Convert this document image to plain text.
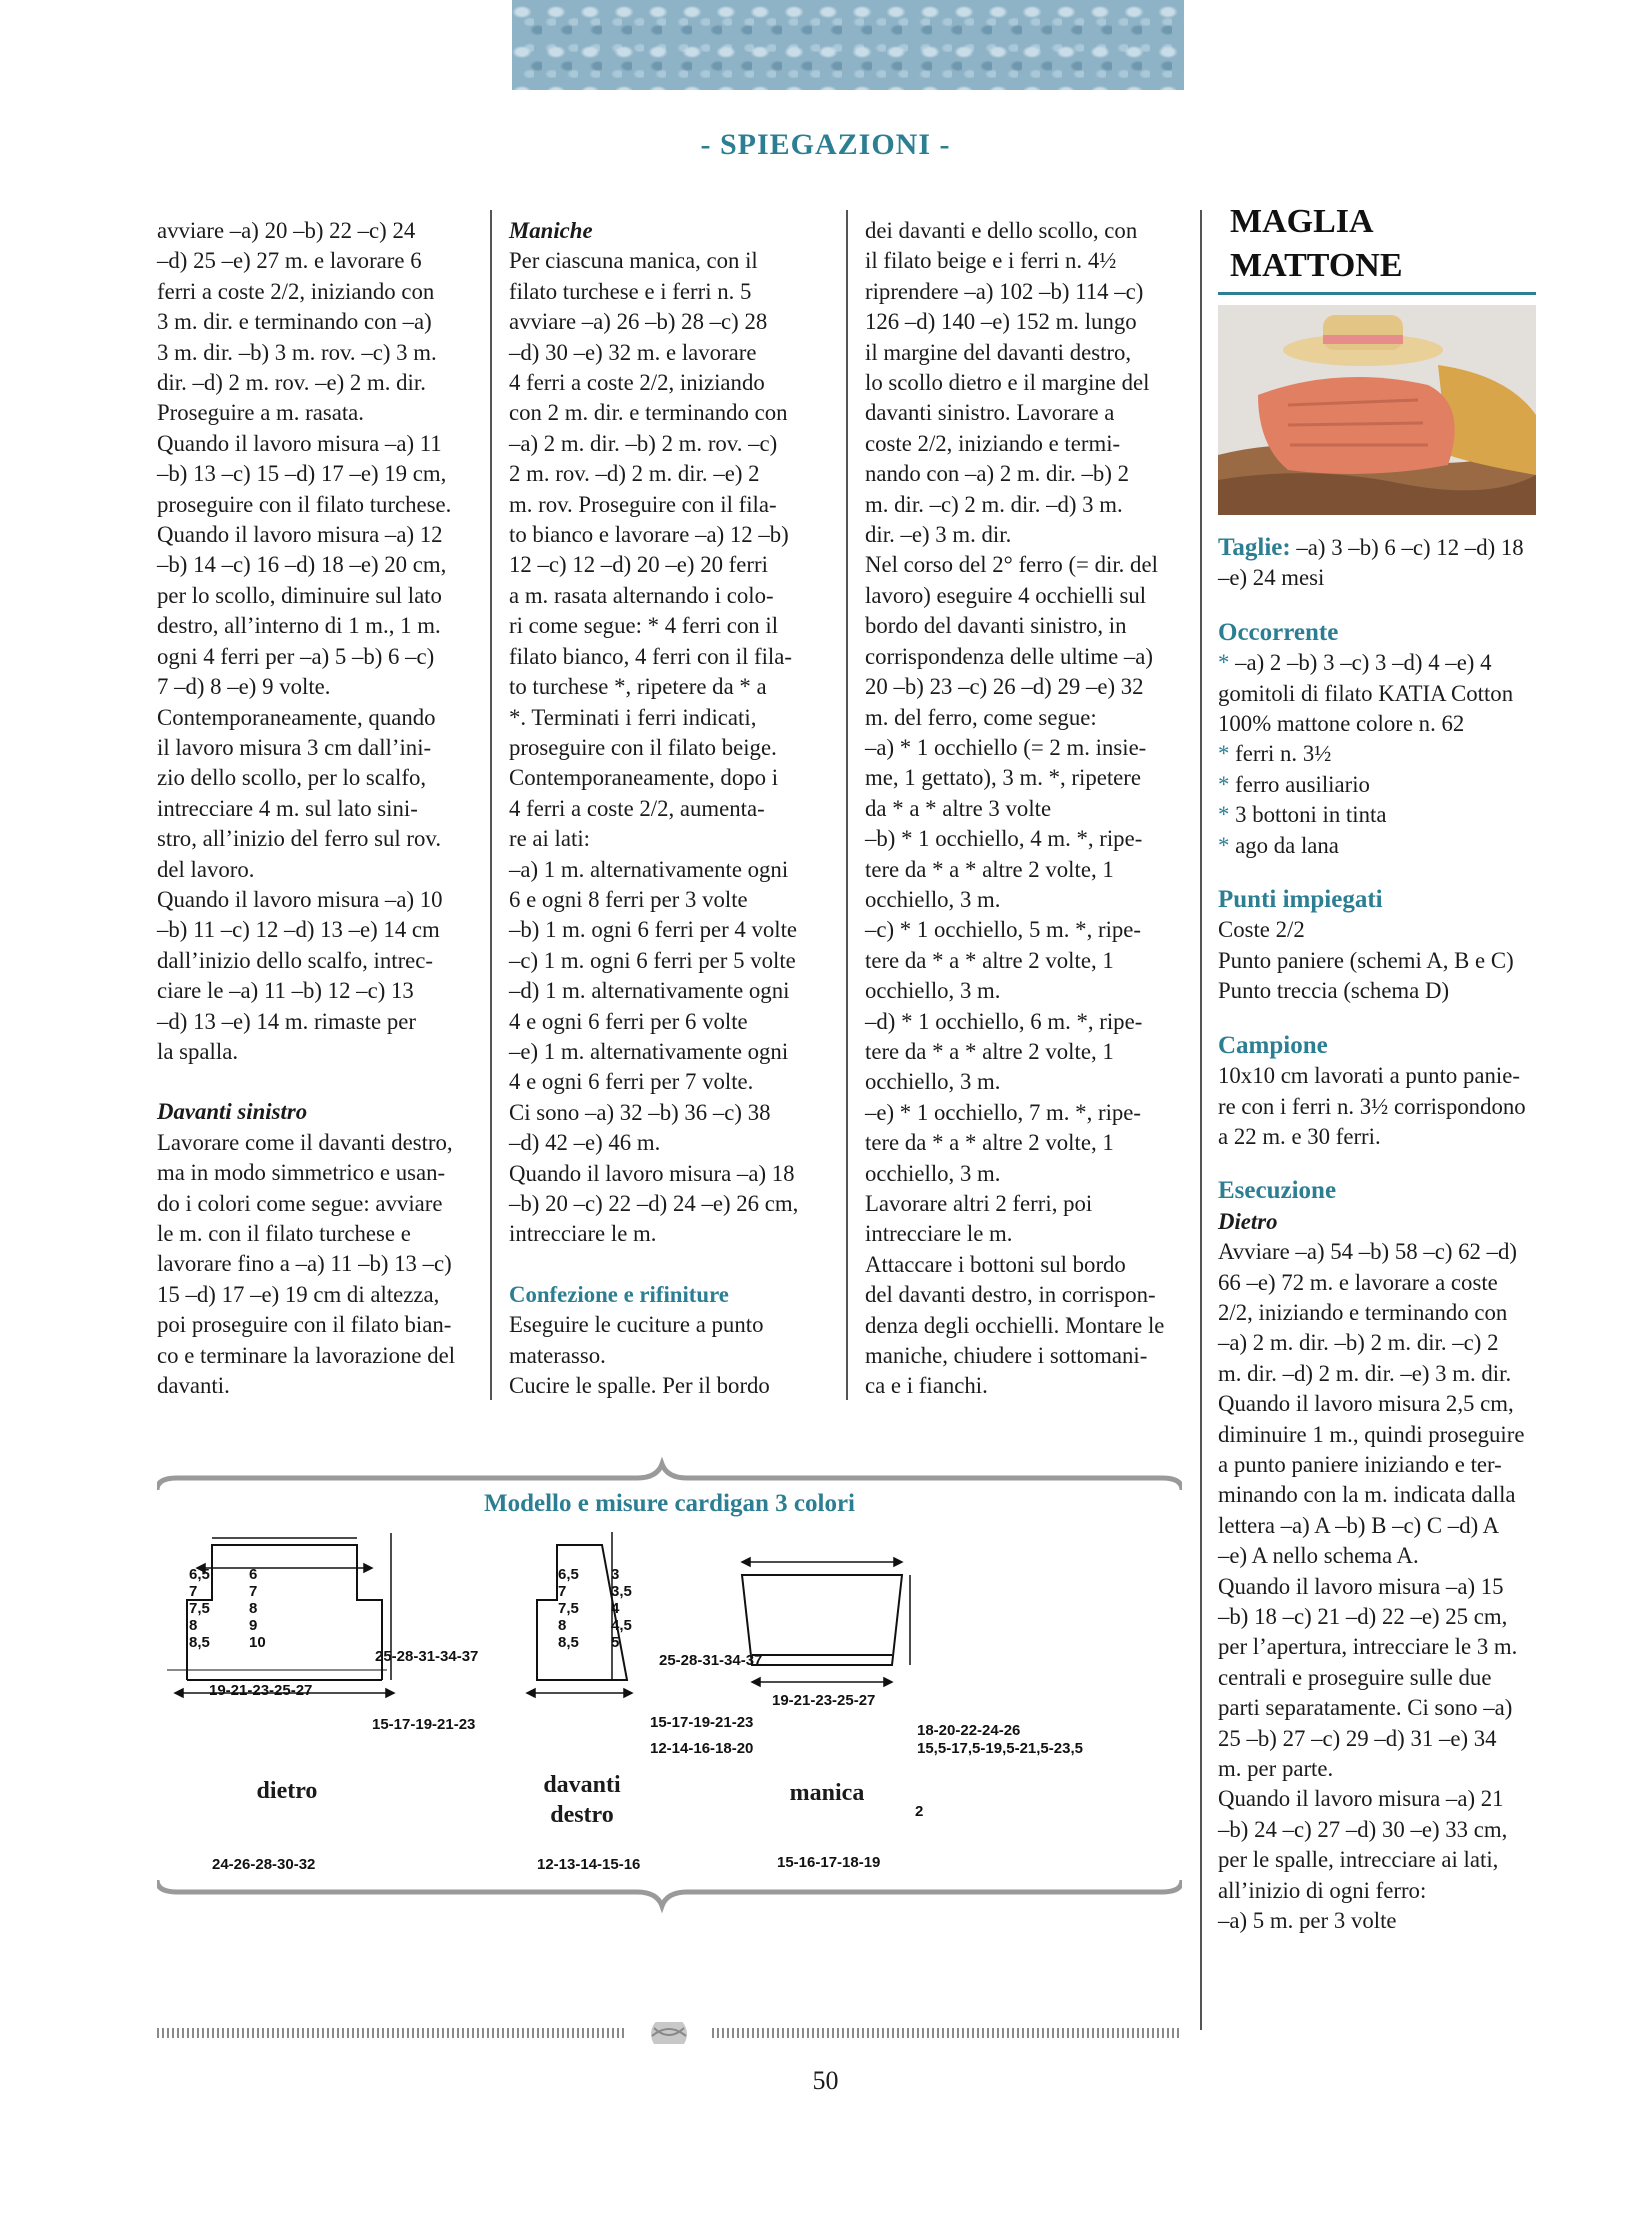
- SPIEGAZIONI -

avviare –a) 20 –b) 22 –c) 24

–d) 25 –e) 27 m. e lavorare 6

ferri a coste 2/2, iniziando con

3 m. dir. e terminando con –a)

3 m. dir. –b) 3 m. rov. –c) 3 m.

dir. –d) 2 m. rov. –e) 2 m. dir.

Proseguire a m. rasata.

Quando il lavoro misura –a) 11

–b) 13 –c) 15 –d) 17 –e) 19 cm,

proseguire con il filato turchese.

Quando il lavoro misura –a) 12

–b) 14 –c) 16 –d) 18 –e) 20 cm,

per lo scollo, diminuire sul lato

destro, all’interno di 1 m., 1 m.

ogni 4 ferri per –a) 5 –b) 6 –c)

7 –d) 8 –e) 9 volte.

Contemporaneamente, quando

il lavoro misura 3 cm dall’ini-

zio dello scollo, per lo scalfo,

intrecciare 4 m. sul lato sini-

stro, all’inizio del ferro sul rov.

del lavoro.

Quando il lavoro misura –a) 10

–b) 11 –c) 12 –d) 13 –e) 14 cm

dall’inizio dello scalfo, intrec-

ciare le –a) 11 –b) 12 –c) 13

–d) 13 –e) 14 m. rimaste per

la spalla.

Davanti sinistro

Lavorare come il davanti destro,

ma in modo simmetrico e usan-

do i colori come segue: avviare

le m. con il filato turchese e

lavorare fino a –a) 11 –b) 13 –c)

15 –d) 17 –e) 19 cm di altezza,

poi proseguire con il filato bian-

co e terminare la lavorazione del

davanti.

Maniche

Per ciascuna manica, con il

filato turchese e i ferri n. 5

avviare –a) 26 –b) 28 –c) 28

–d) 30 –e) 32 m. e lavorare

4 ferri a coste 2/2, iniziando

con 2 m. dir. e terminando con

–a) 2 m. dir. –b) 2 m. rov. –c)

2 m. rov. –d) 2 m. dir. –e) 2

m. rov. Proseguire con il fila-

to bianco e lavorare –a) 12 –b)

12 –c) 12 –d) 20 –e) 20 ferri

a m. rasata alternando i colo-

ri come segue: * 4 ferri con il

filato bianco, 4 ferri con il fila-

to turchese *, ripetere da * a

*. Terminati i ferri indicati,

proseguire con il filato beige.

Contemporaneamente, dopo i

4 ferri a coste 2/2, aumenta-

re ai lati:

–a) 1 m. alternativamente ogni

6 e ogni 8 ferri per 3 volte

–b) 1 m. ogni 6 ferri per 4 volte

–c) 1 m. ogni 6 ferri per 5 volte

–d) 1 m. alternativamente ogni

4 e ogni 6 ferri per 6 volte

–e) 1 m. alternativamente ogni

4 e ogni 6 ferri per 7 volte.

Ci sono –a) 32 –b) 36 –c) 38

–d) 42 –e) 46 m.

Quando il lavoro misura –a) 18

–b) 20 –c) 22 –d) 24 –e) 26 cm,

intrecciare le m.

Confezione e rifiniture

Eseguire le cuciture a punto

materasso.

Cucire le spalle. Per il bordo

dei davanti e dello scollo, con

il filato beige e i ferri n. 4½

riprendere –a) 102 –b) 114 –c)

126 –d) 140 –e) 152 m. lungo

il margine del davanti destro,

lo scollo dietro e il margine del

davanti sinistro. Lavorare a

coste 2/2, iniziando e termi-

nando con –a) 2 m. dir. –b) 2

m. dir. –c) 2 m. dir. –d) 3 m.

dir. –e) 3 m. dir.

Nel corso del 2° ferro (= dir. del

lavoro) eseguire 4 occhielli sul

bordo del davanti sinistro, in

corrispondenza delle ultime –a)

20 –b) 23 –c) 26 –d) 29 –e) 32

m. del ferro, come segue:

–a) * 1 occhiello (= 2 m. insie-

me, 1 gettato), 3 m. *, ripetere

da * a * altre 3 volte

–b) * 1 occhiello, 4 m. *, ripe-

tere da * a * altre 2 volte, 1

occhiello, 3 m.

–c) * 1 occhiello, 5 m. *, ripe-

tere da * a * altre 2 volte, 1

occhiello, 3 m.

–d) * 1 occhiello, 6 m. *, ripe-

tere da * a * altre 2 volte, 1

occhiello, 3 m.

–e) * 1 occhiello, 7 m. *, ripe-

tere da * a * altre 2 volte, 1

occhiello, 3 m.

Lavorare altri 2 ferri, poi

intrecciare le m.

Attaccare i bottoni sul bordo

del davanti destro, in corrispon-

denza degli occhielli. Montare le

maniche, chiudere i sottomani-

ca e i fianchi.

MAGLIA MATTONE

Taglie: –a) 3 –b) 6 –c) 12 –d) 18

–e) 24 mesi

Occorrente

* –a) 2 –b) 3 –c) 3 –d) 4 –e) 4

gomitoli di filato KATIA Cotton

100% mattone colore n. 62

* ferri n. 3½

* ferro ausiliario

* 3 bottoni in tinta

* ago da lana

Punti impiegati

Coste 2/2

Punto paniere (schemi A, B e C)

Punto treccia (schema D)

Campione

10x10 cm lavorati a punto panie-

re con i ferri n. 3½ corrispondono

a 22 m. e 30 ferri.

Esecuzione

Dietro

Avviare –a) 54 –b) 58 –c) 62 –d)

66 –e) 72 m. e lavorare a coste

2/2, iniziando e terminando con

–a) 2 m. dir. –b) 2 m. dir. –c) 2

m. dir. –d) 2 m. dir. –e) 3 m. dir.

Quando il lavoro misura 2,5 cm,

diminuire 1 m., quindi proseguire

a punto paniere iniziando e ter-

minando con la m. indicata dalla

lettera –a) A –b) B –c) C –d) A

–e) A nello schema A.

Quando il lavoro misura –a) 15

–b) 18 –c) 21 –d) 22 –e) 25 cm,

per l’apertura, intrecciare le 3 m.

centrali e proseguire sulle due

parti separatamente. Ci sono –a)

25 –b) 27 –c) 29 –d) 31 –e) 34

m. per parte.

Quando il lavoro misura –a) 21

–b) 24 –c) 27 –d) 30 –e) 33 cm,

per le spalle, intrecciare ai lati,

all’inizio di ogni ferro:

–a) 5 m. per 3 volte

Modello e misure cardigan 3 colori
6,5
7
7,5
8
8,5
6
7
8
9
10
25-28-31-34-37
19-21-23-25-27
15-17-19-21-23
dietro
24-26-28-30-32
6,5
7
7,5
8
8,5
3
3,5
4
4,5
5
25-28-31-34-37
15-17-19-21-23
12-14-16-18-20
davanti
destro
12-13-14-15-16
19-21-23-25-27
18-20-22-24-26
15,5-17,5-19,5-21,5-23,5
manica
2
15-16-17-18-19
50
